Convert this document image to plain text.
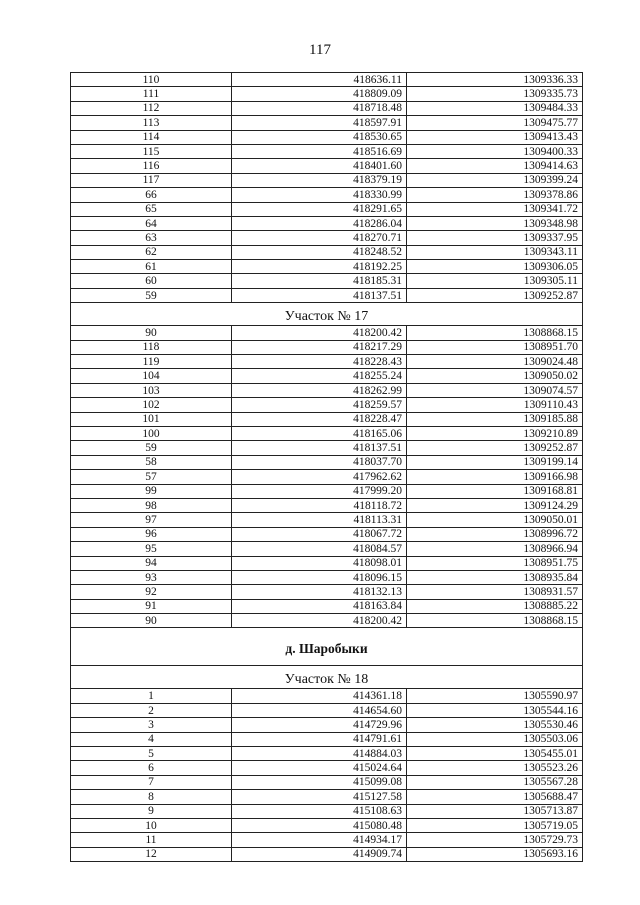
117
110	418636.11	1309336.33
111	418809.09	1309335.73
112	418718.48	1309484.33
113	418597.91	1309475.77
114	418530.65	1309413.43
115	418516.69	1309400.33
116	418401.60	1309414.63
117	418379.19	1309399.24
66	418330.99	1309378.86
65	418291.65	1309341.72
64	418286.04	1309348.98
63	418270.71	1309337.95
62	418248.52	1309343.11
61	418192.25	1309306.05
60	418185.31	1309305.11
59	418137.51	1309252.87
Участок № 17		
90	418200.42	1308868.15
118	418217.29	1308951.70
119	418228.43	1309024.48
104	418255.24	1309050.02
103	418262.99	1309074.57
102	418259.57	1309110.43
101	418228.47	1309185.88
100	418165.06	1309210.89
59	418137.51	1309252.87
58	418037.70	1309199.14
57	417962.62	1309166.98
99	417999.20	1309168.81
98	418118.72	1309124.29
97	418113.31	1309050.01
96	418067.72	1308996.72
95	418084.57	1308966.94
94	418098.01	1308951.75
93	418096.15	1308935.84
92	418132.13	1308931.57
91	418163.84	1308885.22
90	418200.42	1308868.15
д. Шаробыки		
Участок № 18		
1	414361.18	1305590.97
2	414654.60	1305544.16
3	414729.96	1305530.46
4	414791.61	1305503.06
5	414884.03	1305455.01
6	415024.64	1305523.26
7	415099.08	1305567.28
8	415127.58	1305688.47
9	415108.63	1305713.87
10	415080.48	1305719.05
11	414934.17	1305729.73
12	414909.74	1305693.16
